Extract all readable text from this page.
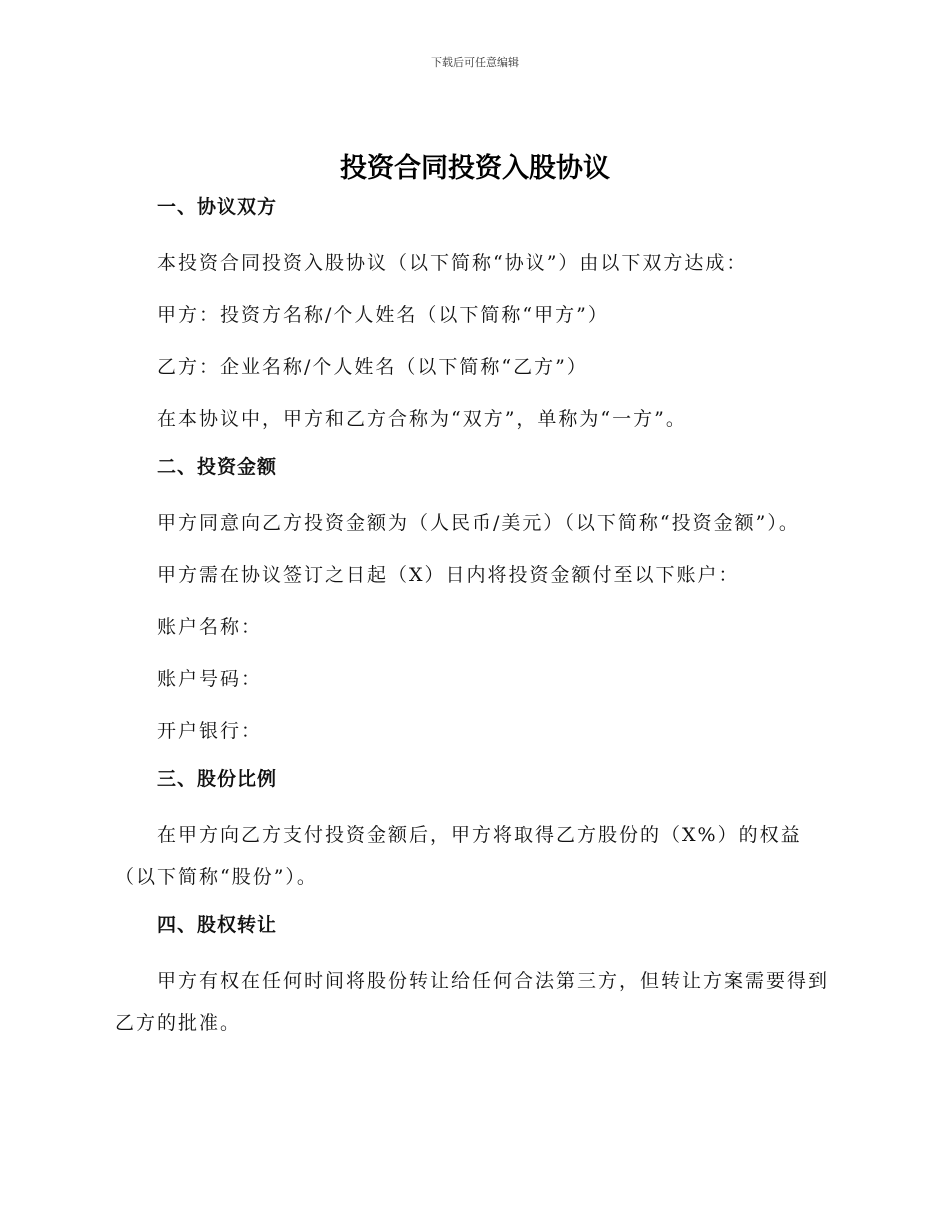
下载后可任意编辑
投资合同投资入股协议
一、协议双方

本投资合同投资入股协议（以下简称“协议”）由以下双方达成：

甲方：投资方名称/个人姓名（以下简称“甲方”）

乙方：企业名称/个人姓名（以下简称“乙方”）

在本协议中，甲方和乙方合称为“双方”，单称为“一方”。

二、投资金额

甲方同意向乙方投资金额为（人民币/美元）（以下简称“投资金额”）。

甲方需在协议签订之日起（X）日内将投资金额付至以下账户：

账户名称：

账户号码：

开户银行：

三、股份比例

在甲方向乙方支付投资金额后，甲方将取得乙方股份的（X%）的权益（以下简称“股份”）。

四、股权转让

甲方有权在任何时间将股份转让给任何合法第三方，但转让方案需要得到乙方的批准。
